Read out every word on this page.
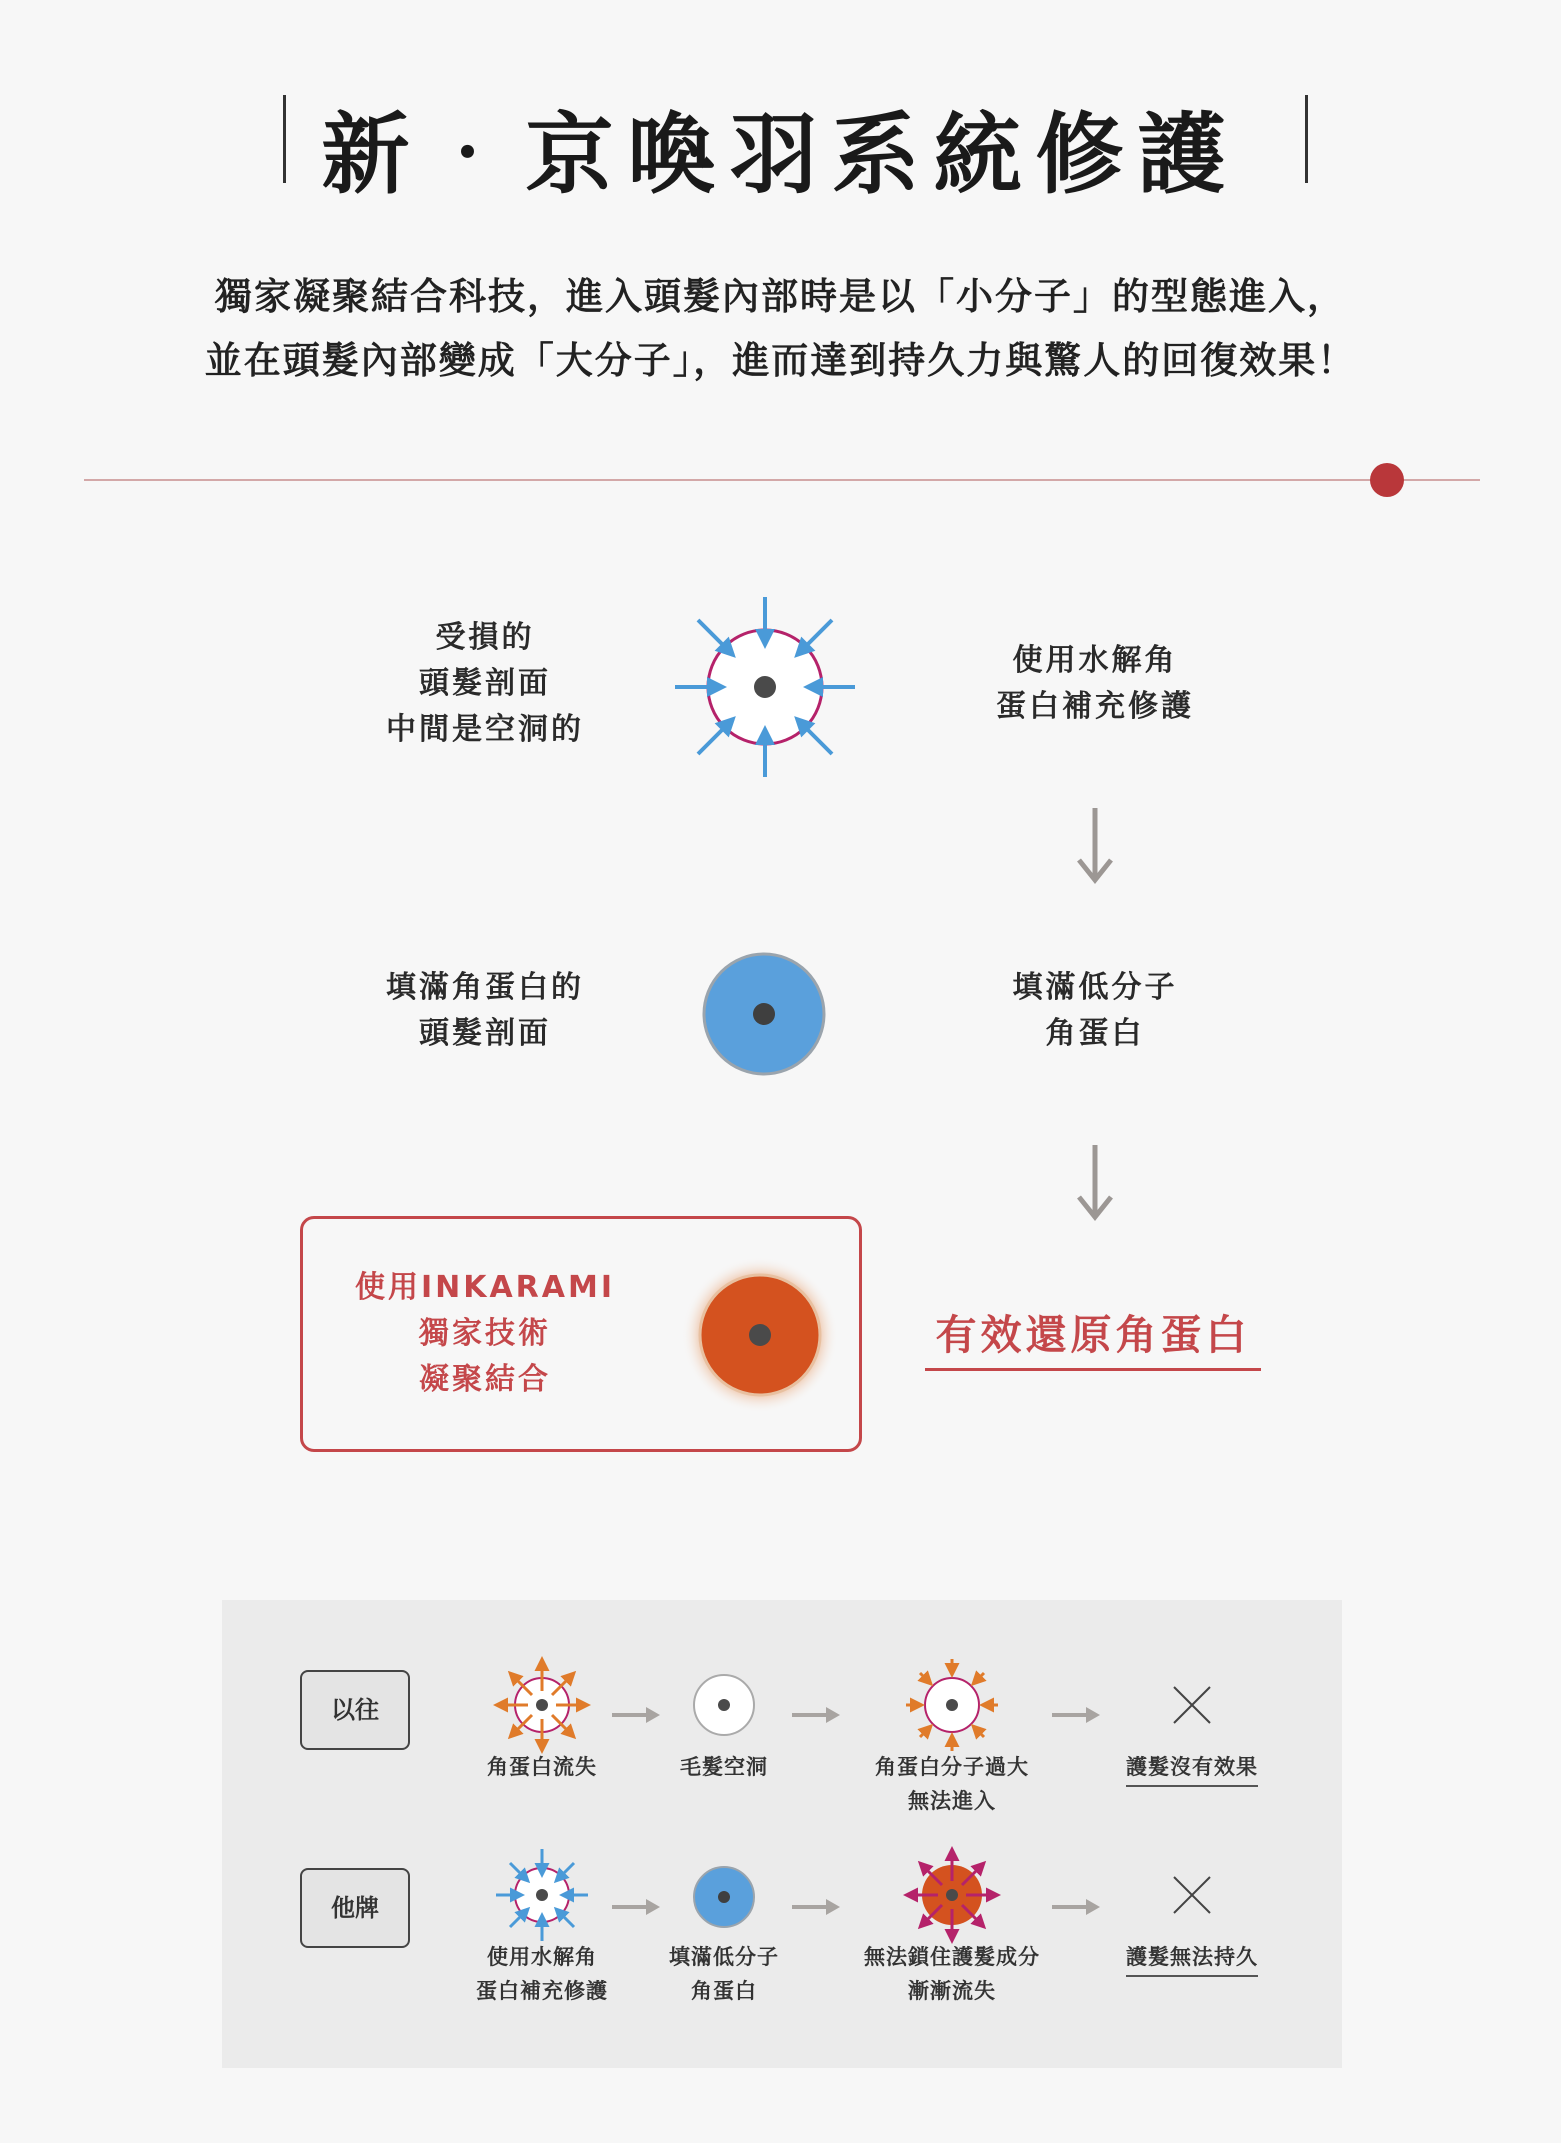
新‧京喚羽系統修護
獨家凝聚結合科技，進入頭髮內部時是以「小分子」的型態進入，
並在頭髮內部變成「大分子」，進而達到持久力與驚人的回復效果！
受損的
頭髮剖面
中間是空洞的
使用水解角
蛋白補充修護
填滿角蛋白的
頭髮剖面
填滿低分子
角蛋白
使用INKARAMI
獨家技術
凝聚結合
有效還原角蛋白
以往
角蛋白流失	毛髮空洞	角蛋白分子過大
無法進入
護髮沒有效果
他牌
使用水解角
蛋白補充修護
填滿低分子
角蛋白
無法鎖住護髮成分
漸漸流失
護髮無法持久
